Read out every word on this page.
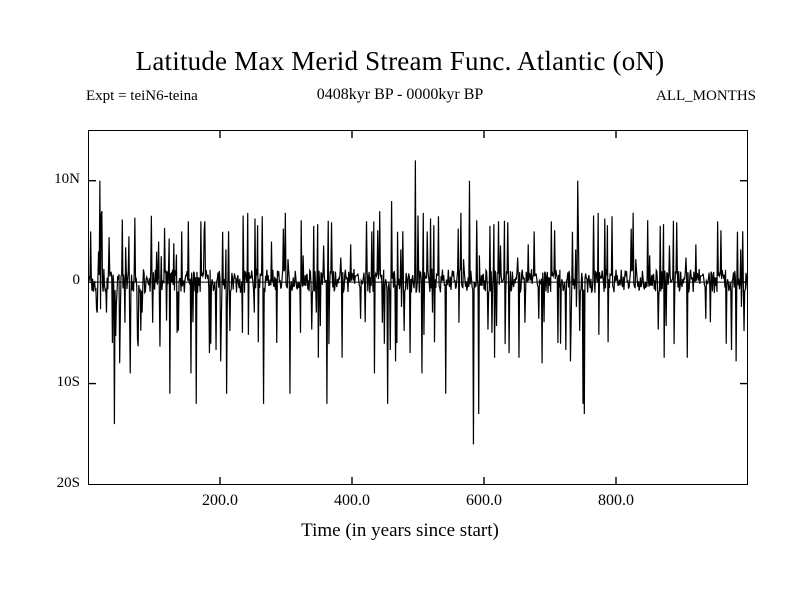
Latitude Max Merid Stream Func. Atlantic (oN)
Expt = teiN6-teina	0408kyr BP - 0000kyr BP	ALL_MONTHS
10N
0
10S
20S
200.0	400.0	600.0	800.0
Time (in years since start)
